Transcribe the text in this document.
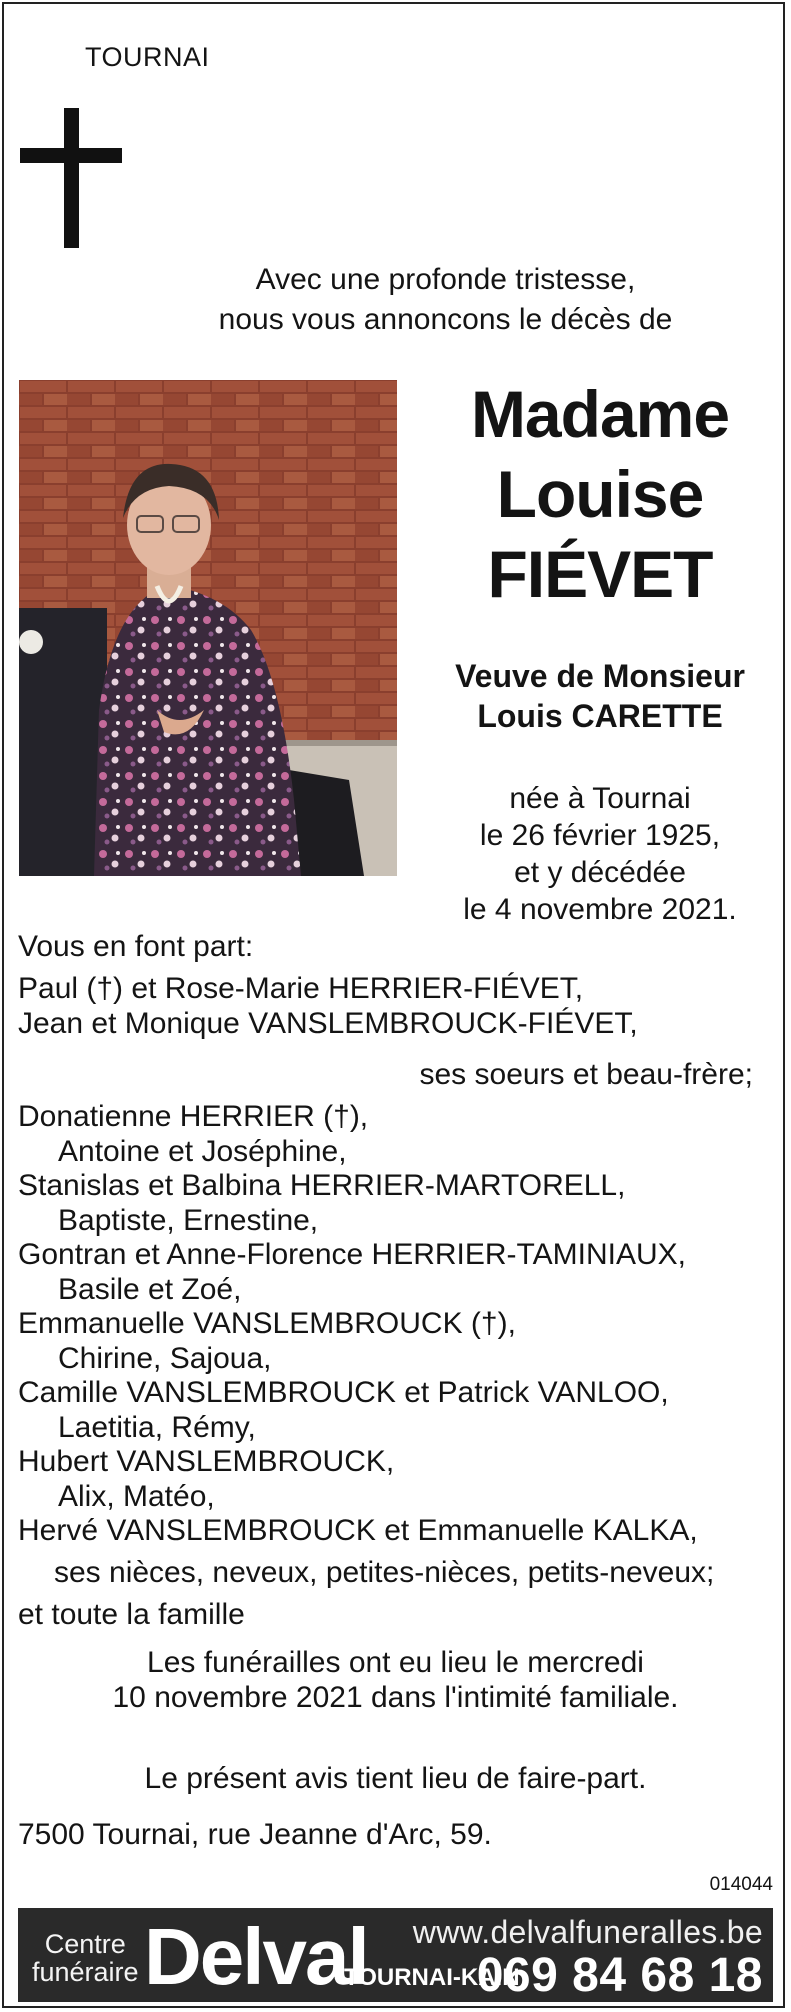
TOURNAI
Avec une profonde tristesse,
nous vous annoncons le décès de
Madame
Louise
FIÉVET
Veuve de Monsieur
Louis CARETTE
née à Tournai
le 26 février 1925,
et y décédée
le 4 novembre 2021.
Vous en font part:
Paul (†) et Rose-Marie HERRIER-FIÉVET,
Jean et Monique VANSLEMBROUCK-FIÉVET,
ses soeurs et beau-frère;
Donatienne HERRIER (†),
Antoine et Joséphine,
Stanislas et Balbina HERRIER-MARTORELL,
Baptiste, Ernestine,
Gontran et Anne-Florence HERRIER-TAMINIAUX,
Basile et Zoé,
Emmanuelle VANSLEMBROUCK (†),
Chirine, Sajoua,
Camille VANSLEMBROUCK et Patrick VANLOO,
Laetitia, Rémy,
Hubert VANSLEMBROUCK,
Alix, Matéo,
Hervé VANSLEMBROUCK et Emmanuelle KALKA,
ses nièces, neveux, petites-nièces, petits-neveux;
et toute la famille
Les funérailles ont eu lieu le mercredi
10 novembre 2021 dans l'intimité familiale.
Le présent avis tient lieu de faire-part.
7500 Tournai, rue Jeanne d'Arc, 59.
014044
Centre
funéraire Delval www.delvalfuneralles.be
TOURNAI-KAIN
069 84 68 18
